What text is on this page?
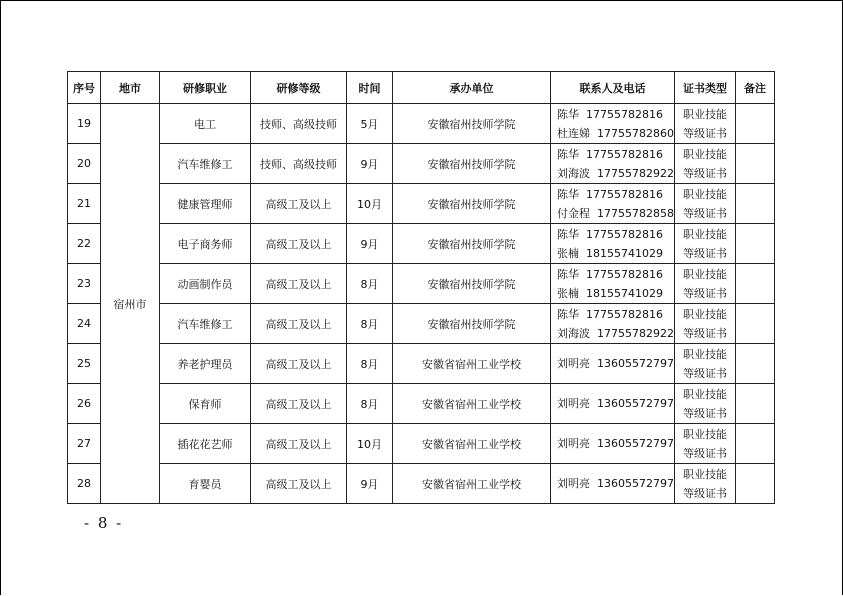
序号	地市	研修职业	研修等级	时间	承办单位	联系人及电话	证书类型	备注
19	宿州市	电工	技师、高级技师	5月	安徽宿州技师学院	陈华 17755782816
杜连娣 17755782860	职业技能
等级证书	

20		汽车维修工	技师、高级技师	9月	安徽宿州技师学院	陈华 17755782816
刘海波 17755782922	职业技能
等级证书	

21		健康管理师	高级工及以上	10月	安徽宿州技师学院	陈华 17755782816
付金程 17755782858	职业技能
等级证书	

22		电子商务师	高级工及以上	9月	安徽宿州技师学院	陈华 17755782816
张楠 18155741029	职业技能
等级证书	

23		动画制作员	高级工及以上	8月	安徽宿州技师学院	陈华 17755782816
张楠 18155741029	职业技能
等级证书	

24		汽车维修工	高级工及以上	8月	安徽宿州技师学院	陈华 17755782816
刘海波 17755782922	职业技能
等级证书	

25		养老护理员	高级工及以上	8月	安徽省宿州工业学校	刘明亮 13605572797	职业技能
等级证书	

26		保育师	高级工及以上	8月	安徽省宿州工业学校	刘明亮 13605572797	职业技能
等级证书	

27		插花花艺师	高级工及以上	10月	安徽省宿州工业学校	刘明亮 13605572797	职业技能
等级证书	

28		育婴员	高级工及以上	9月	安徽省宿州工业学校	刘明亮 13605572797	职业技能
等级证书	

- 8 -
